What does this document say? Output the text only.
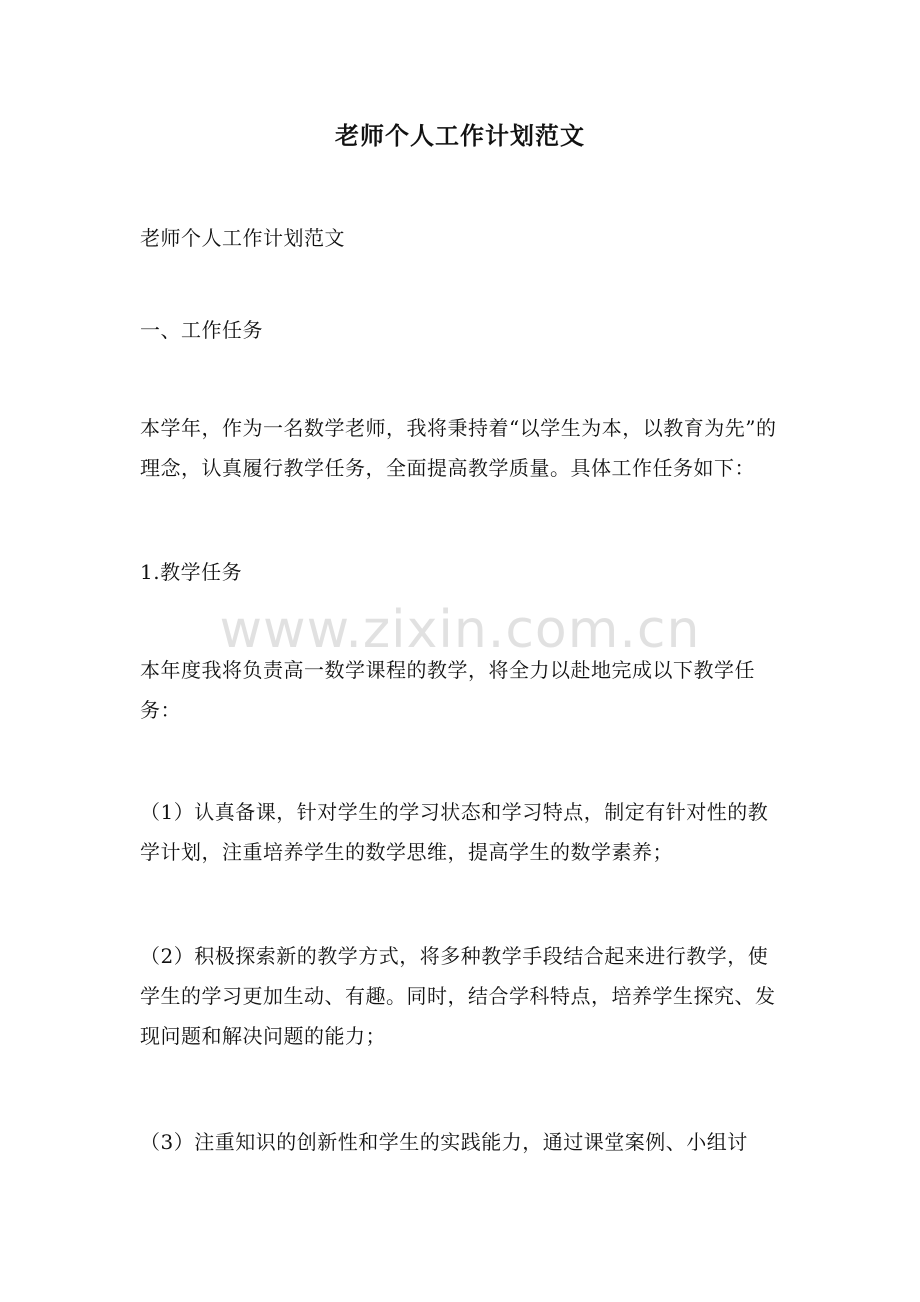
老师个人工作计划范文

老师个人工作计划范文

一、工作任务

本学年，作为一名数学老师，我将秉持着“以学生为本，以教育为先”的理念，认真履行教学任务，全面提高教学质量。具体工作任务如下：

1.教学任务

本年度我将负责高一数学课程的教学，将全力以赴地完成以下教学任务：

（1）认真备课，针对学生的学习状态和学习特点，制定有针对性的教学计划，注重培养学生的数学思维，提高学生的数学素养；

（2）积极探索新的教学方式，将多种教学手段结合起来进行教学，使学生的学习更加生动、有趣。同时，结合学科特点，培养学生探究、发现问题和解决问题的能力；

（3）注重知识的创新性和学生的实践能力，通过课堂案例、小组讨

www.zixin.com.cn
